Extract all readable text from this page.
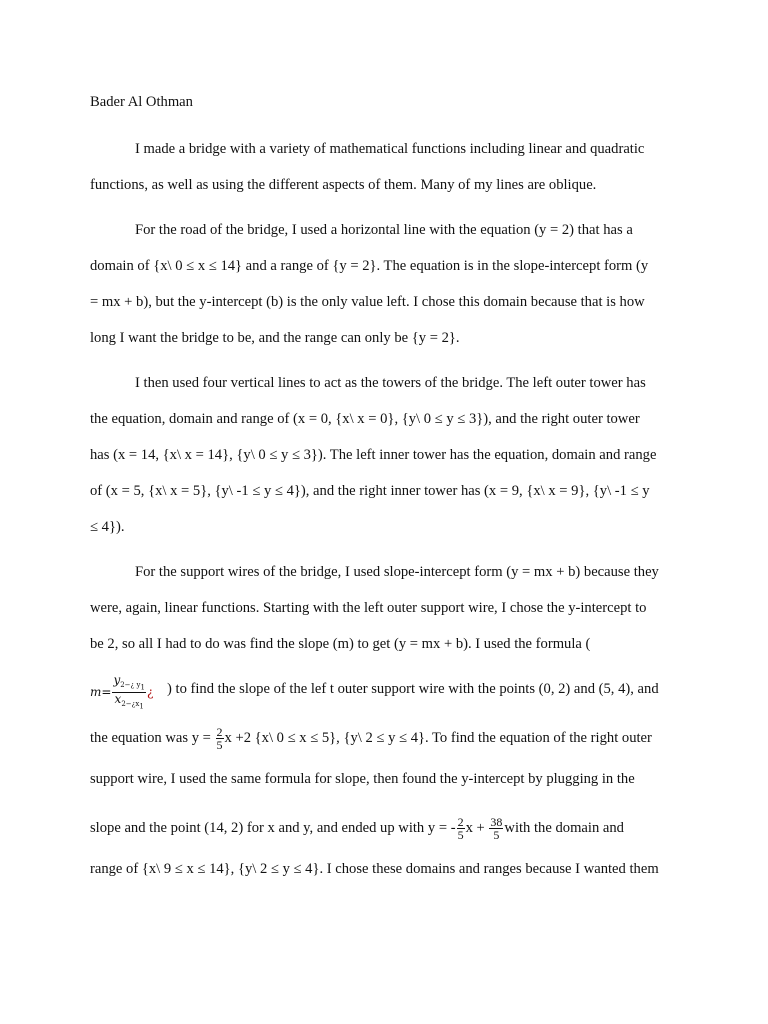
Bader Al Othman
I made a bridge with a variety of mathematical functions including linear and quadratic
functions, as well as using the different aspects of them. Many of my lines are oblique.
For the road of the bridge, I used a horizontal line with the equation (y = 2) that has a
domain of {x\ 0 ≤ x ≤ 14} and a range of {y = 2}. The equation is in the slope-intercept form (y
= mx + b), but the y-intercept (b) is the only value left. I chose this domain because that is how
long I want the bridge to be, and the range can only be {y = 2}.
I then used four vertical lines to act as the towers of the bridge. The left outer tower has
the equation, domain and range of (x = 0, {x\ x = 0}, {y\ 0 ≤ y ≤ 3}), and the right outer tower
has (x = 14, {x\ x = 14}, {y\ 0 ≤ y ≤ 3}). The left inner tower has the equation, domain and range
of (x = 5, {x\ x = 5}, {y\ -1 ≤ y ≤ 4}), and the right inner tower has (x = 9, {x\ x = 9}, {y\ -1 ≤ y
≤ 4}).
For the support wires of the bridge, I used slope-intercept form (y = mx + b) because they
were, again, linear functions. Starting with the left outer support wire, I chose the y-intercept to
be 2, so all I had to do was find the slope (m) to get (y = mx + b). I used the formula (
$m= \frac{y_{2-¿ y_1}}{x_{2-¿x_1}}$ ¿ ) to find the slope of the lef t outer support wire with the points (0, 2) and (5, 4), and
the equation was $y = \frac{2}{5}$ x +2 {x\ 0 ≤ x ≤ 5}, {y\ 2 ≤ y ≤ 4}. To find the equation of the right outer
support wire, I used the same formula for slope, then found the y-intercept by plugging in the
slope and the point (14, 2) for x and y, and ended up with y = - $\frac{2}{5}$ $x + \frac{38}{5}$ with the domain and
range of {x\ 9 ≤ x ≤ 14}, {y\ 2 ≤ y ≤ 4}. I chose these domains and ranges because I wanted them
